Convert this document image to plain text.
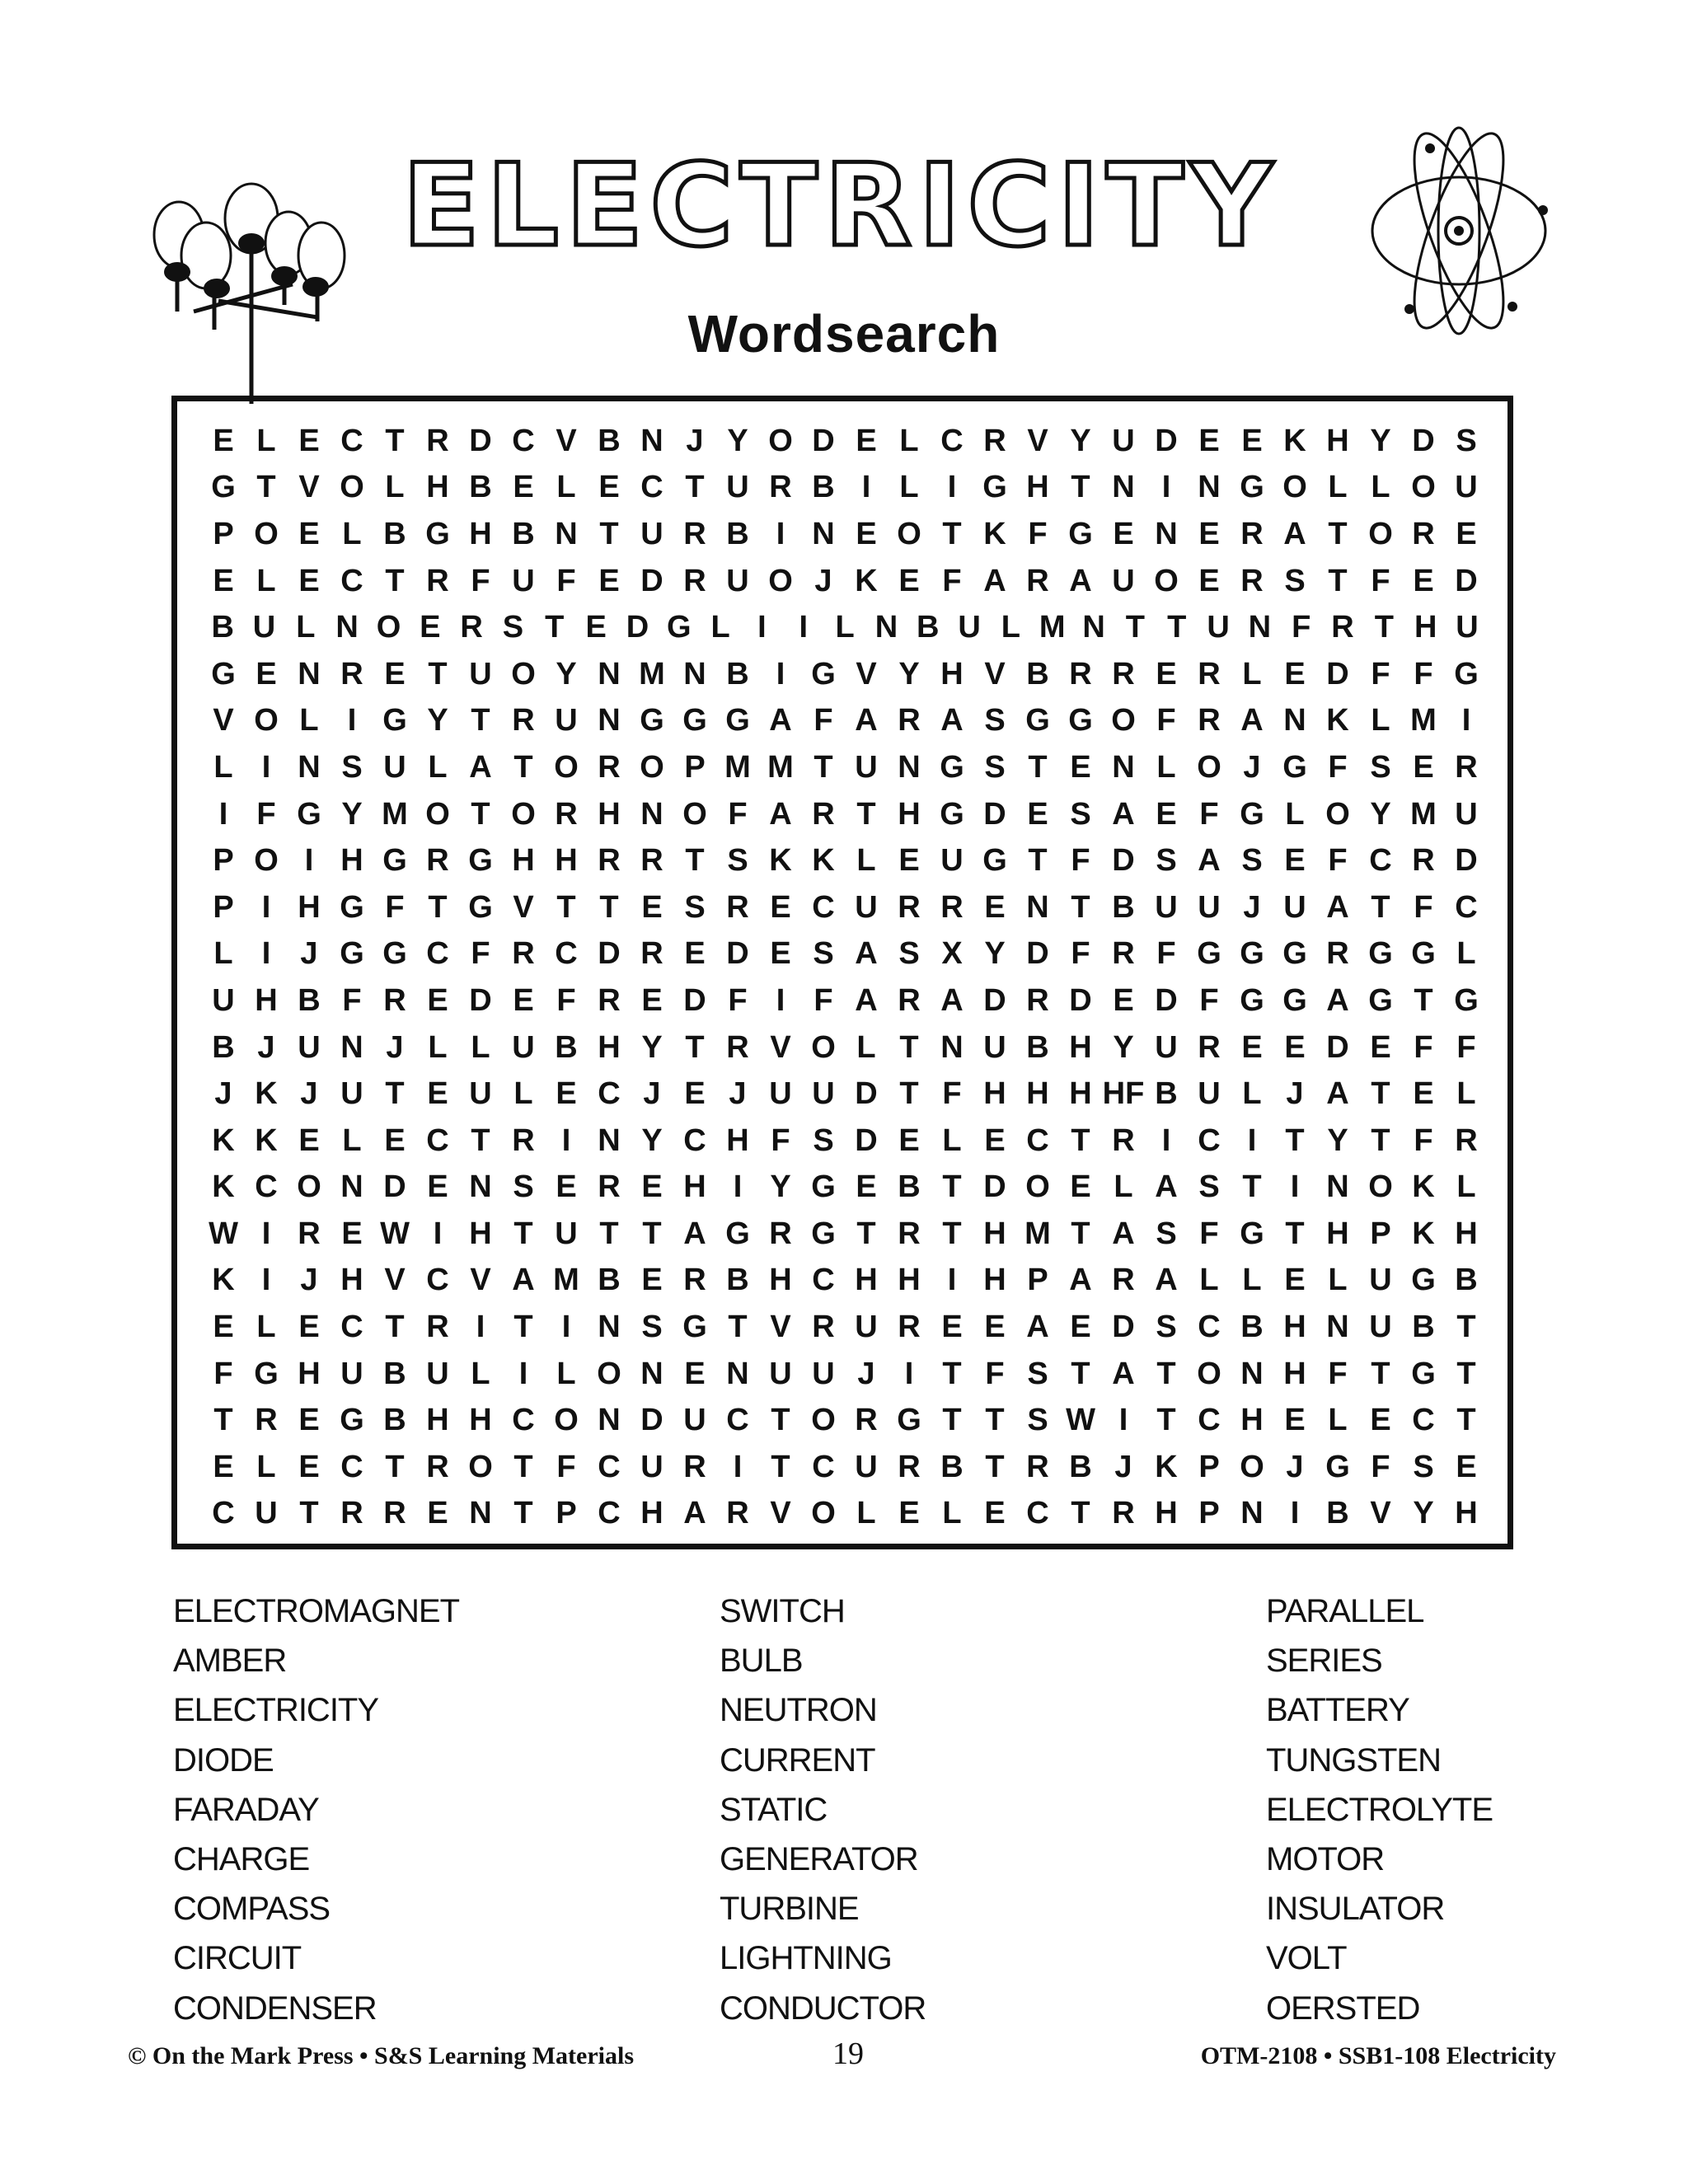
ELECTRICITY
Wordsearch
E L E C T R D C V B N J Y O D E L C R V Y U D E E K H Y D S
G T V O L H B E L E C T U R B I L I G H T N I N G O L L O U
P O E L B G H B N T U R B I N E O T K F G E N E R A T O R E
E L E C T R F U F E D R U O J K E F A R A U O E R S T F E D
B U L N O E R S T E D G L I	I L N B U L M N T T U N F R T H U
G E N R E T U O Y N M N B I G V Y H V B R R E R L E D F F G
V O L I G Y T R U N G G G A F A R A S G G O F R A N K L M I
L I N S U L A T O R O P M M T U N G S T E N L O J G F S E R
I F G Y M O T O R H N O F A R T H G D E S A E F G L O Y M U
P O I H G R G H H R R T S K K L E U G T F D S A S E F C R D
P I H G F T G V T T E S R E C U R R E N T B U U J U A T F C
L I J G G C F R C D R E D E S A S X Y D F R F G G G R G G L
U H B F R E D E F R E D F I F A R A D R D E D F G G A G T G
B J U N J L L U B H Y T R V O L T N U B H Y U R E E D E F F
J K J U T E U L E C J E J U U D T F H H H HF B U L J A T E L
K K E L E C T R I N Y C H F S D E L E C T R I C I T Y T F R
K C O N D E N S E R E H I Y G E B T D O E L A S T I N O K L
W I R E W I H T U T T A G R G T R T H M T A S F G T H P K H
K I J H V C V A M B E R B H C H H I H P A R A L L E L U G B
E L E C T R I T I N S G T V R U R E E A E D S C B H N U B T
F G H U B U L I L O N E N U U J I T F S T A T O N H F T G T
T R E G B H H C O N D U C T O R G T T S W I T C H E L E C T
E L E C T R O T F C U R I T C U R B T R B J K P O J G F S E
C U T R R E N T P C H A R V O L E L E C T R H P N I B V Y H
ELECTROMAGNET	SWITCH	PARALLEL
AMBER	BULB	SERIES
ELECTRICITY	NEUTRON	BATTERY
DIODE	CURRENT	TUNGSTEN
FARADAY	STATIC	ELECTROLYTE
CHARGE	GENERATOR	MOTOR
COMPASS	TURBINE	INSULATOR
CIRCUIT	LIGHTNING	VOLT
CONDENSER	CONDUCTOR	OERSTED
© On the Mark Press • S&S Learning Materials	19	OTM-2108 • SSB1-108 Electricity
